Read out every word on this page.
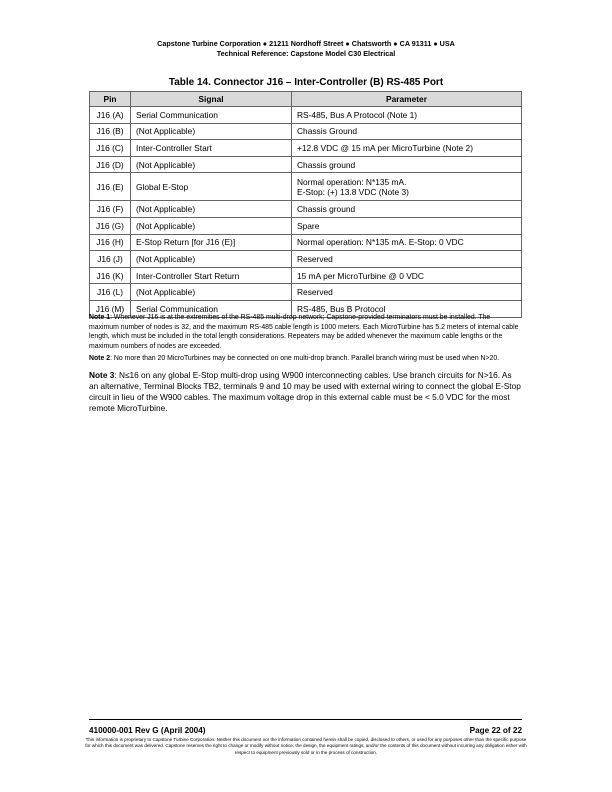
Capstone Turbine Corporation ● 21211 Nordhoff Street ● Chatsworth ● CA 91311 ● USA
Technical Reference: Capstone Model C30 Electrical
Table 14. Connector J16 – Inter-Controller (B) RS-485 Port
Pin	Signal	Parameter
J16 (A)	Serial Communication	RS-485, Bus A Protocol (Note 1)
J16 (B)	(Not Applicable)	Chassis Ground
J16 (C)	Inter-Controller Start	+12.8 VDC @ 15 mA per MicroTurbine (Note 2)
J16 (D)	(Not Applicable)	Chassis ground
J16 (E)	Global E-Stop	Normal operation: N*135 mA.
E-Stop: (+) 13.8 VDC (Note 3)

J16 (F)	(Not Applicable)	Chassis ground
J16 (G)	(Not Applicable)	Spare
J16 (H)	E-Stop Return [for J16 (E)]	Normal operation: N*135 mA. E-Stop: 0 VDC
J16 (J)	(Not Applicable)	Reserved
J16 (K)	Inter-Controller Start Return	15 mA per MicroTurbine @ 0 VDC
J16 (L)	(Not Applicable)	Reserved
J16 (M)	Serial Communication	RS-485, Bus B Protocol

Note 1: Whenever J16 is at the extremities of the RS-485 multi-drop network; Capstone-provided terminators must be installed. The maximum number of nodes is 32, and the maximum RS-485 cable length is 1000 meters. Each MicroTurbine has 5.2 meters of internal cable length, which must be included in the total length considerations. Repeaters may be added whenever the maximum cable lengths or the maximum numbers of nodes are exceeded.

Note 2: No more than 20 MicroTurbines may be connected on one multi-drop branch. Parallel branch wiring must be used when N>20.

Note 3: N≤16 on any global E-Stop multi-drop using W900 interconnecting cables. Use branch circuits for N>16. As an alternative, Terminal Blocks TB2, terminals 9 and 10 may be used with external wiring to connect the global E-Stop circuit in lieu of the W900 cables. The maximum voltage drop in this external cable must be < 5.0 VDC for the most remote MicroTurbine.

410000-001 Rev G (April 2004)	Page 22 of 22
This information is proprietary to Capstone Turbine Corporation. Neither this document nor the information contained herein shall be copied, disclosed to others, or used for any purposes other than the specific purpose for which this document was delivered. Capstone reserves the right to change or modify without notice, the design, the equipment ratings, and/or the contents of this document without incurring any obligation either with respect to equipment previously sold or in the process of construction.
